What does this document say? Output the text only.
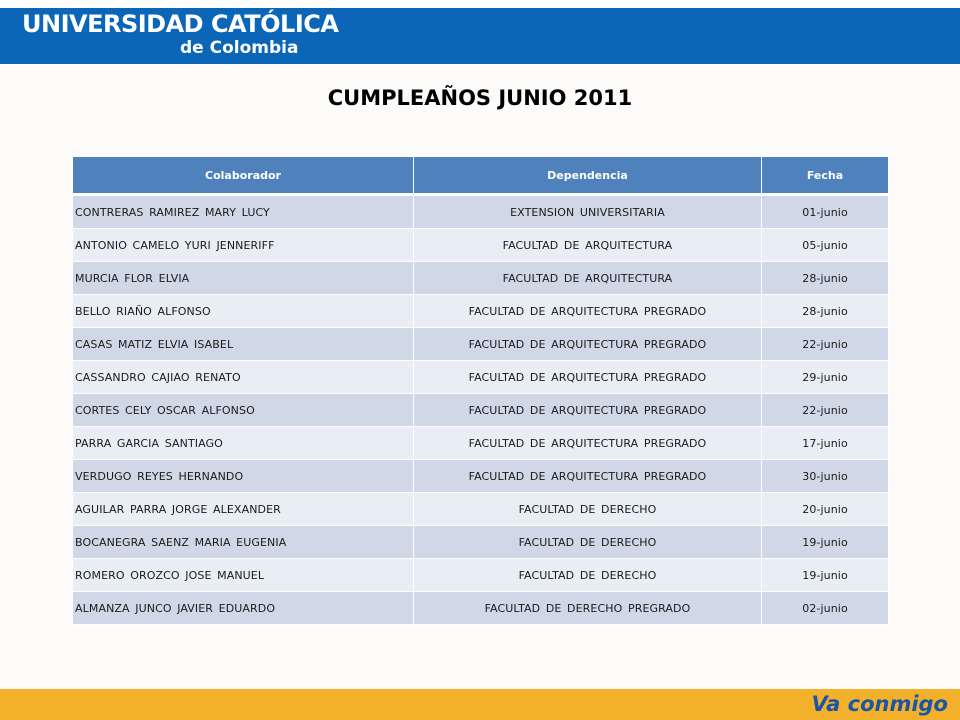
UNIVERSIDAD CATÓLICA
de Colombia
CUMPLEAÑOS JUNIO 2011
Colaborador	Dependencia	Fecha
CONTRERAS RAMIREZ MARY LUCY	EXTENSION UNIVERSITARIA	01-junio
ANTONIO CAMELO YURI JENNERIFF	FACULTAD DE ARQUITECTURA	05-junio
MURCIA FLOR ELVIA	FACULTAD DE ARQUITECTURA	28-junio
BELLO RIAÑO ALFONSO	FACULTAD DE ARQUITECTURA PREGRADO	28-junio
CASAS MATIZ ELVIA ISABEL	FACULTAD DE ARQUITECTURA PREGRADO	22-junio
CASSANDRO CAJIAO RENATO	FACULTAD DE ARQUITECTURA PREGRADO	29-junio
CORTES CELY OSCAR ALFONSO	FACULTAD DE ARQUITECTURA PREGRADO	22-junio
PARRA GARCIA SANTIAGO	FACULTAD DE ARQUITECTURA PREGRADO	17-junio
VERDUGO REYES HERNANDO	FACULTAD DE ARQUITECTURA PREGRADO	30-junio
AGUILAR PARRA JORGE ALEXANDER	FACULTAD DE DERECHO	20-junio
BOCANEGRA SAENZ MARIA EUGENIA	FACULTAD DE DERECHO	19-junio
ROMERO OROZCO JOSE MANUEL	FACULTAD DE DERECHO	19-junio
ALMANZA JUNCO JAVIER EDUARDO	FACULTAD DE DERECHO PREGRADO	02-junio
Va conmigo
